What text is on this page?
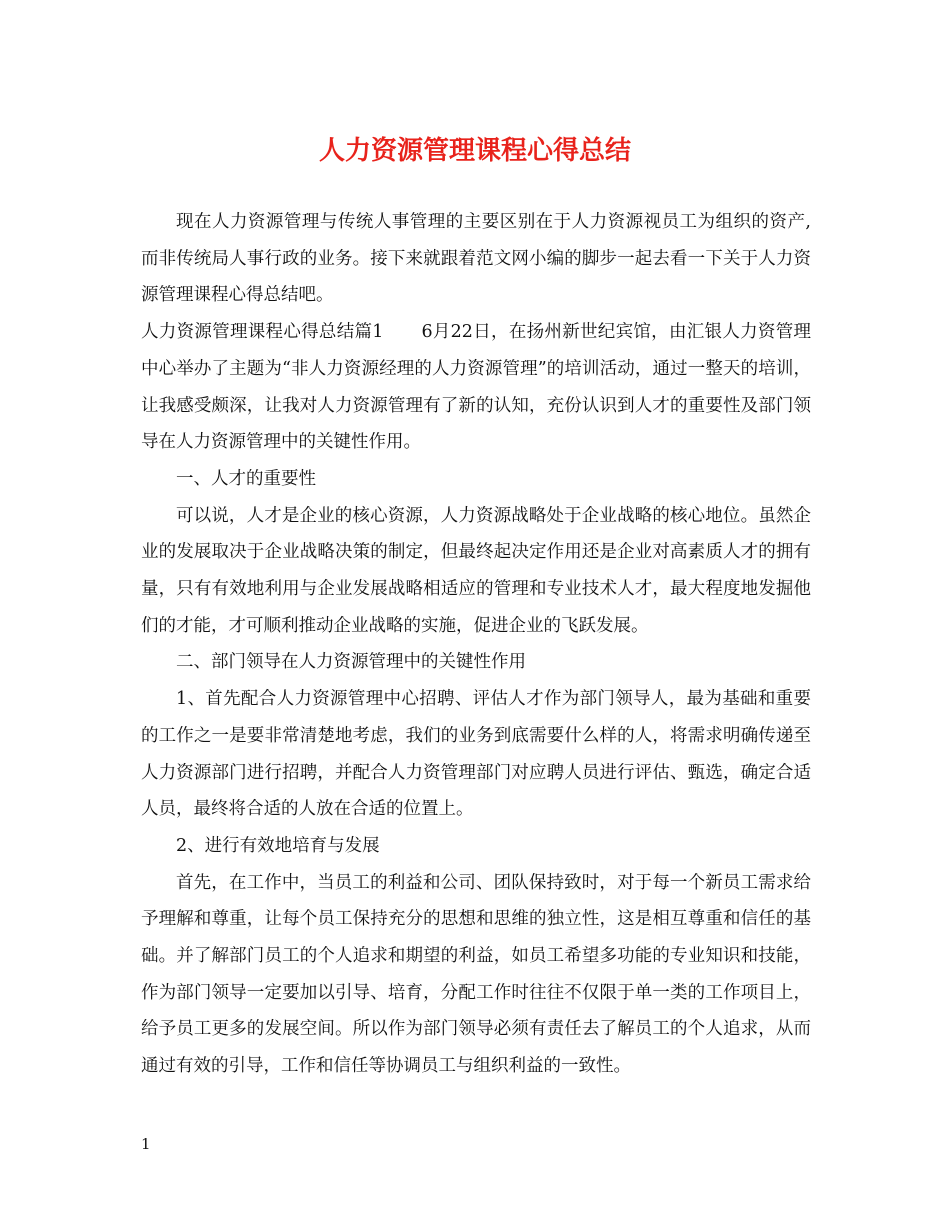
人力资源管理课程心得总结

现在人力资源管理与传统人事管理的主要区别在于人力资源视员工为组织的资产,而非传统局人事行政的业务。接下来就跟着范文网小编的脚步一起去看一下关于人力资源管理课程心得总结吧。

人力资源管理课程心得总结篇1 6月22日，在扬州新世纪宾馆，由汇银人力资管理中心举办了主题为“非人力资源经理的人力资源管理”的培训活动，通过一整天的培训，让我感受颇深，让我对人力资源管理有了新的认知，充份认识到人才的重要性及部门领导在人力资源管理中的关键性作用。

一、人才的重要性

可以说，人才是企业的核心资源，人力资源战略处于企业战略的核心地位。虽然企业的发展取决于企业战略决策的制定，但最终起决定作用还是企业对高素质人才的拥有量，只有有效地利用与企业发展战略相适应的管理和专业技术人才，最大程度地发掘他们的才能，才可顺利推动企业战略的实施，促进企业的飞跃发展。

二、部门领导在人力资源管理中的关键性作用

1、首先配合人力资源管理中心招聘、评估人才作为部门领导人，最为基础和重要的工作之一是要非常清楚地考虑，我们的业务到底需要什么样的人，将需求明确传递至人力资源部门进行招聘，并配合人力资管理部门对应聘人员进行评估、甄选，确定合适人员，最终将合适的人放在合适的位置上。

2、进行有效地培育与发展

首先，在工作中，当员工的利益和公司、团队保持致时，对于每一个新员工需求给予理解和尊重，让每个员工保持充分的思想和思维的独立性，这是相互尊重和信任的基础。并了解部门员工的个人追求和期望的利益，如员工希望多功能的专业知识和技能，作为部门领导一定要加以引导、培育，分配工作时往往不仅限于单一类的工作项目上，给予员工更多的发展空间。所以作为部门领导必须有责任去了解员工的个人追求，从而通过有效的引导，工作和信任等协调员工与组织利益的一致性。

1
